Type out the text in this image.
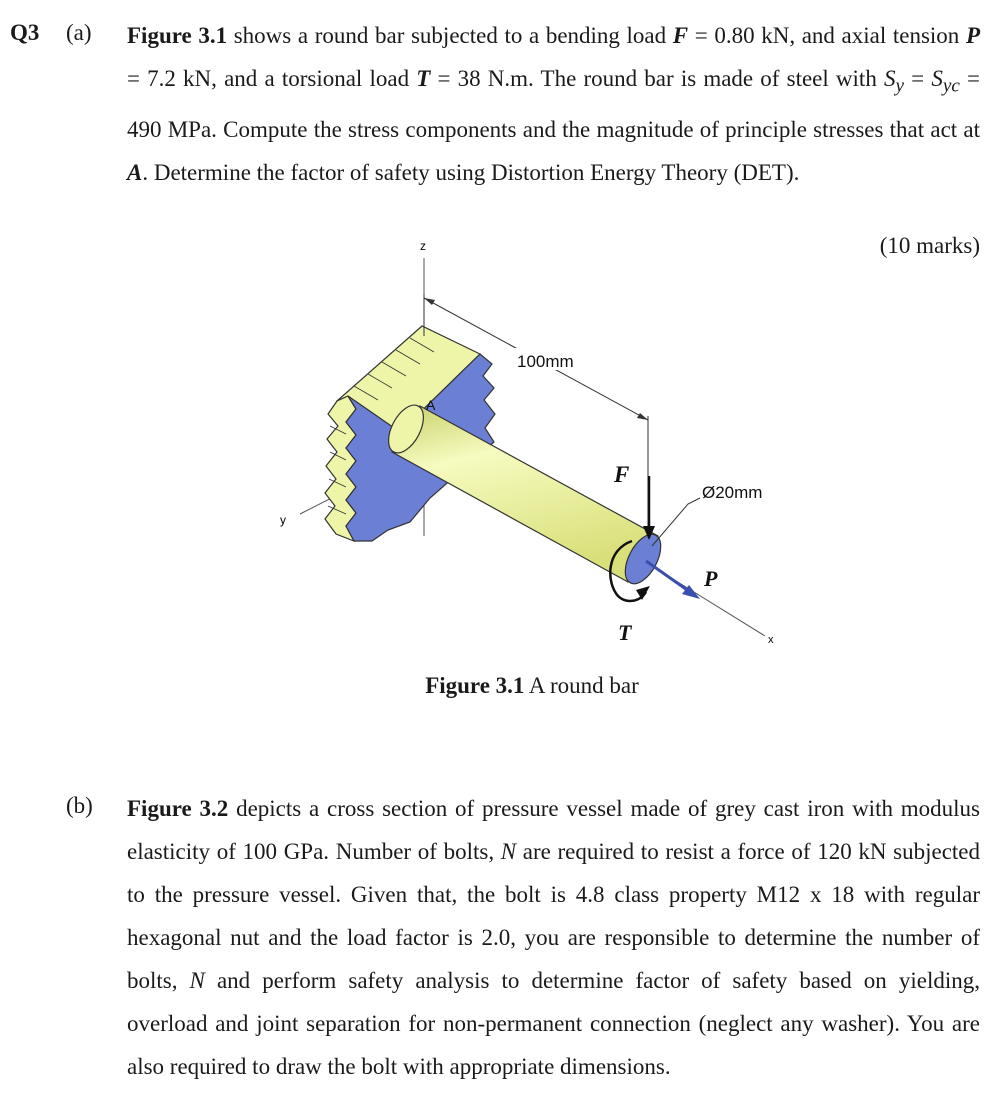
Q3 (a) Figure 3.1 shows a round bar subjected to a bending load F = 0.80 kN, and axial tension P = 7.2 kN, and a torsional load T = 38 N.m. The round bar is made of steel with $S_y = S_{yc} = 490$ MPa. Compute the stress components and the magnitude of principle stresses that act at A. Determine the factor of safety using Distortion Energy Theory (DET).

(10 marks)
z
y
x
A
100mm
F
Ø20mm
P
T
Figure 3.1 A round bar
(b) Figure 3.2 depicts a cross section of pressure vessel made of grey cast iron with modulus elasticity of 100 GPa. Number of bolts, N are required to resist a force of 120 kN subjected to the pressure vessel. Given that, the bolt is 4.8 class property M12 x 18 with regular hexagonal nut and the load factor is 2.0, you are responsible to determine the number of bolts, N and perform safety analysis to determine factor of safety based on yielding, overload and joint separation for non-permanent connection (neglect any washer). You are also required to draw the bolt with appropriate dimensions.
